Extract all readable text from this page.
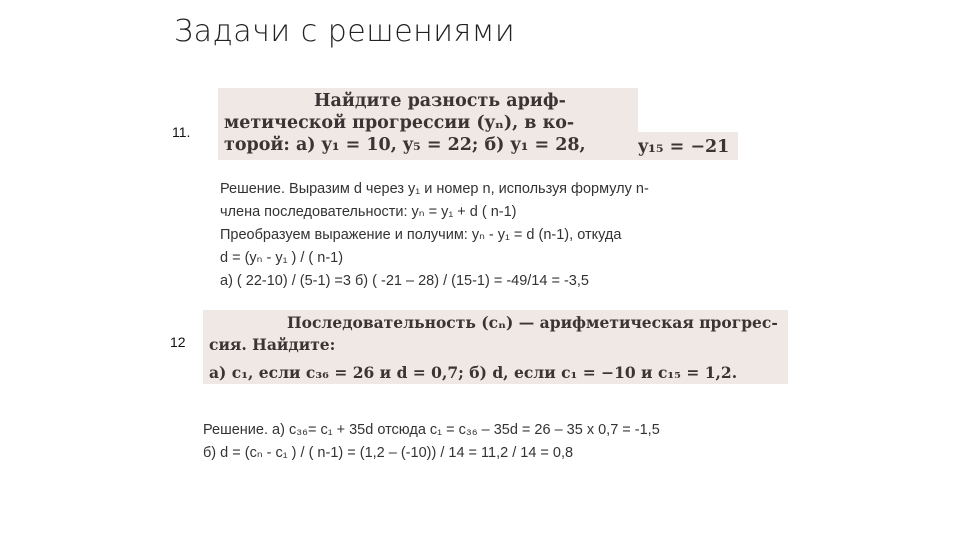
Задачи с решениями
11.
Найдите разность ариф-
метической прогрессии (yₙ), в ко-
торой: а) y₁ = 10, y₅ = 22; б) y₁ = 28,	y₁₅ = −21
Решение. Выразим d через y₁ и номер n, используя формулу n-
члена последовательности: yₙ = y₁ + d ( n-1)
Преобразуем выражение и получим: yₙ - y₁ = d (n-1), откуда
d = (yₙ - y₁ ) / ( n-1)
а) ( 22-10) / (5-1) =3 б) ( -21 – 28) / (15-1) = -49/14 = -3,5
12
Последовательность (cₙ) — арифметическая прогрес-
сия. Найдите:
а) c₁, если c₃₆ = 26 и d = 0,7; б) d, если c₁ = −10 и c₁₅ = 1,2.
Решение. а) c₃₆= c₁ + 35d отсюда c₁ = c₃₆ – 35d = 26 – 35 х 0,7 = -1,5
б) d = (cₙ - c₁ ) / ( n-1) = (1,2 – (-10)) / 14 = 11,2 / 14 = 0,8
